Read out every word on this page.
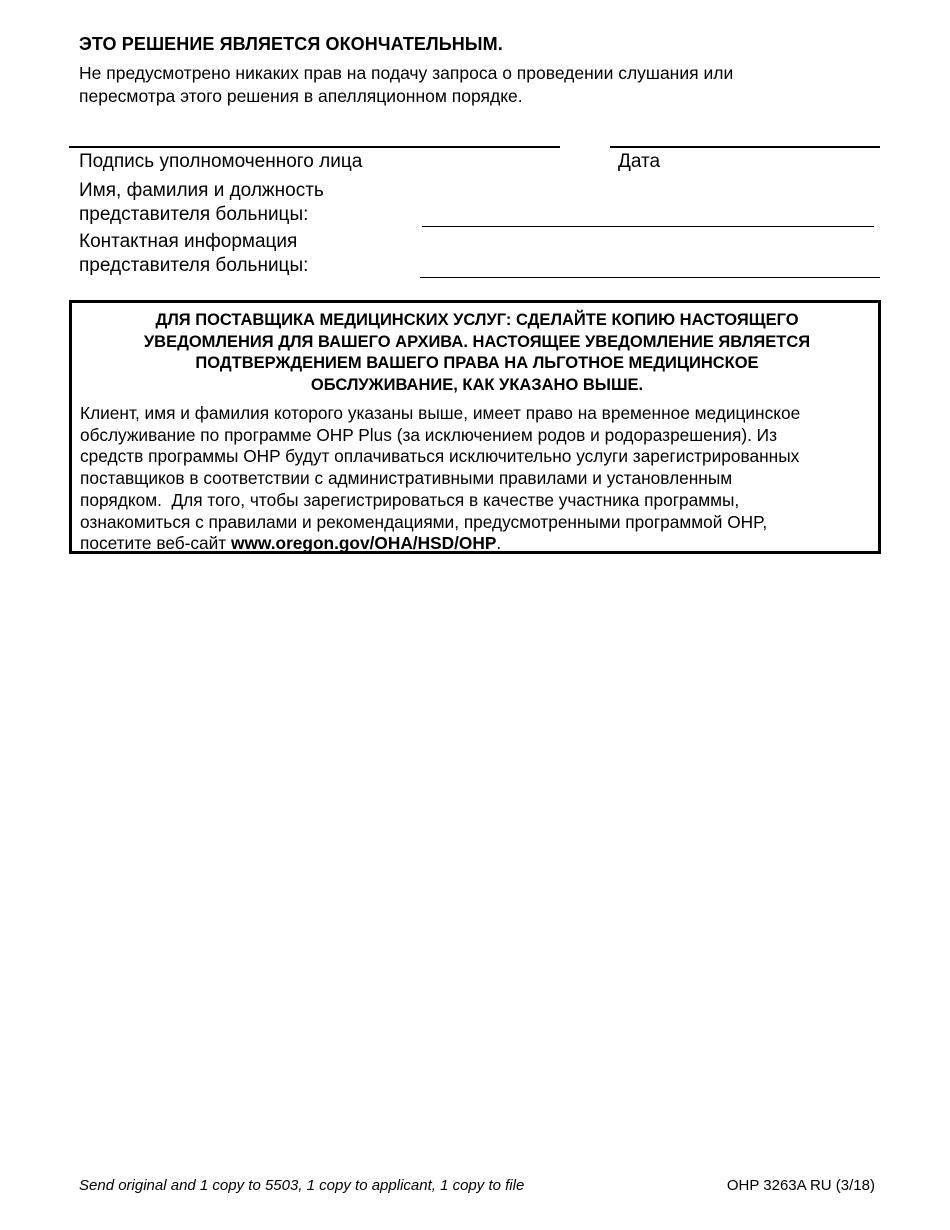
ЭТО РЕШЕНИЕ ЯВЛЯЕТСЯ ОКОНЧАТЕЛЬНЫМ.
Не предусмотрено никаких прав на подачу запроса о проведении слушания или
пересмотра этого решения в апелляционном порядке.
Подпись уполномоченного лица	Дата
Имя, фамилия и должность
представителя больницы:
Контактная информация
представителя больницы:
ДЛЯ ПОСТАВЩИКА МЕДИЦИНСКИХ УСЛУГ: СДЕЛАЙТЕ КОПИЮ НАСТОЯЩЕГО
УВЕДОМЛЕНИЯ ДЛЯ ВАШЕГО АРХИВА. НАСТОЯЩЕЕ УВЕДОМЛЕНИЕ ЯВЛЯЕТСЯ
ПОДТВЕРЖДЕНИЕМ ВАШЕГО ПРАВА НА ЛЬГОТНОЕ МЕДИЦИНСКОЕ
ОБСЛУЖИВАНИЕ, КАК УКАЗАНО ВЫШЕ.
Клиент, имя и фамилия которого указаны выше, имеет право на временное медицинское
обслуживание по программе OHP Plus (за исключением родов и родоразрешения). Из
средств программы OHP будут оплачиваться исключительно услуги зарегистрированных
поставщиков в соответствии с административными правилами и установленным
порядком.  Для того, чтобы зарегистрироваться в качестве участника программы,
ознакомиться с правилами и рекомендациями, предусмотренными программой OHP,
посетите веб-сайт www.oregon.gov/OHA/HSD/OHP.
Send original and 1 copy to 5503, 1 copy to applicant, 1 copy to file	OHP 3263A RU (3/18)
